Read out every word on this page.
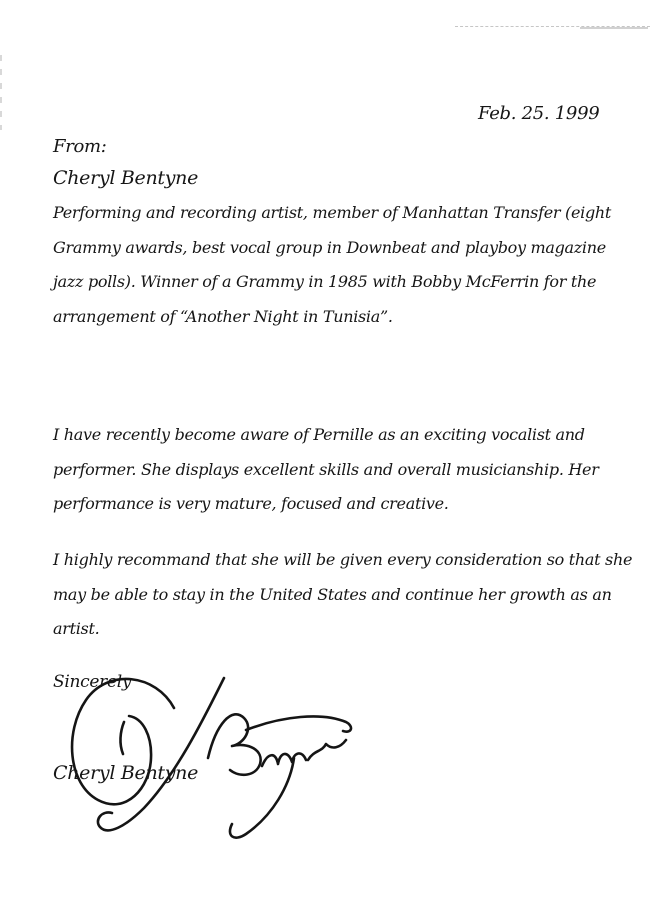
Feb. 25. 1999
From:
Cheryl Bentyne
Performing and recording artist, member of Manhattan Transfer (eight
Grammy awards, best vocal group in Downbeat and playboy magazine
jazz polls). Winner of a Grammy in 1985 with Bobby McFerrin for the
arrangement of “Another Night in Tunisia”.
I have recently become aware of Pernille as an exciting vocalist and
performer. She displays excellent skills and overall musicianship. Her
performance is very mature, focused and creative.
I highly recommand that she will be given every consideration so that she
may be able to stay in the United States and continue her growth as an
artist.
Sincerely
Cheryl Bentyne
